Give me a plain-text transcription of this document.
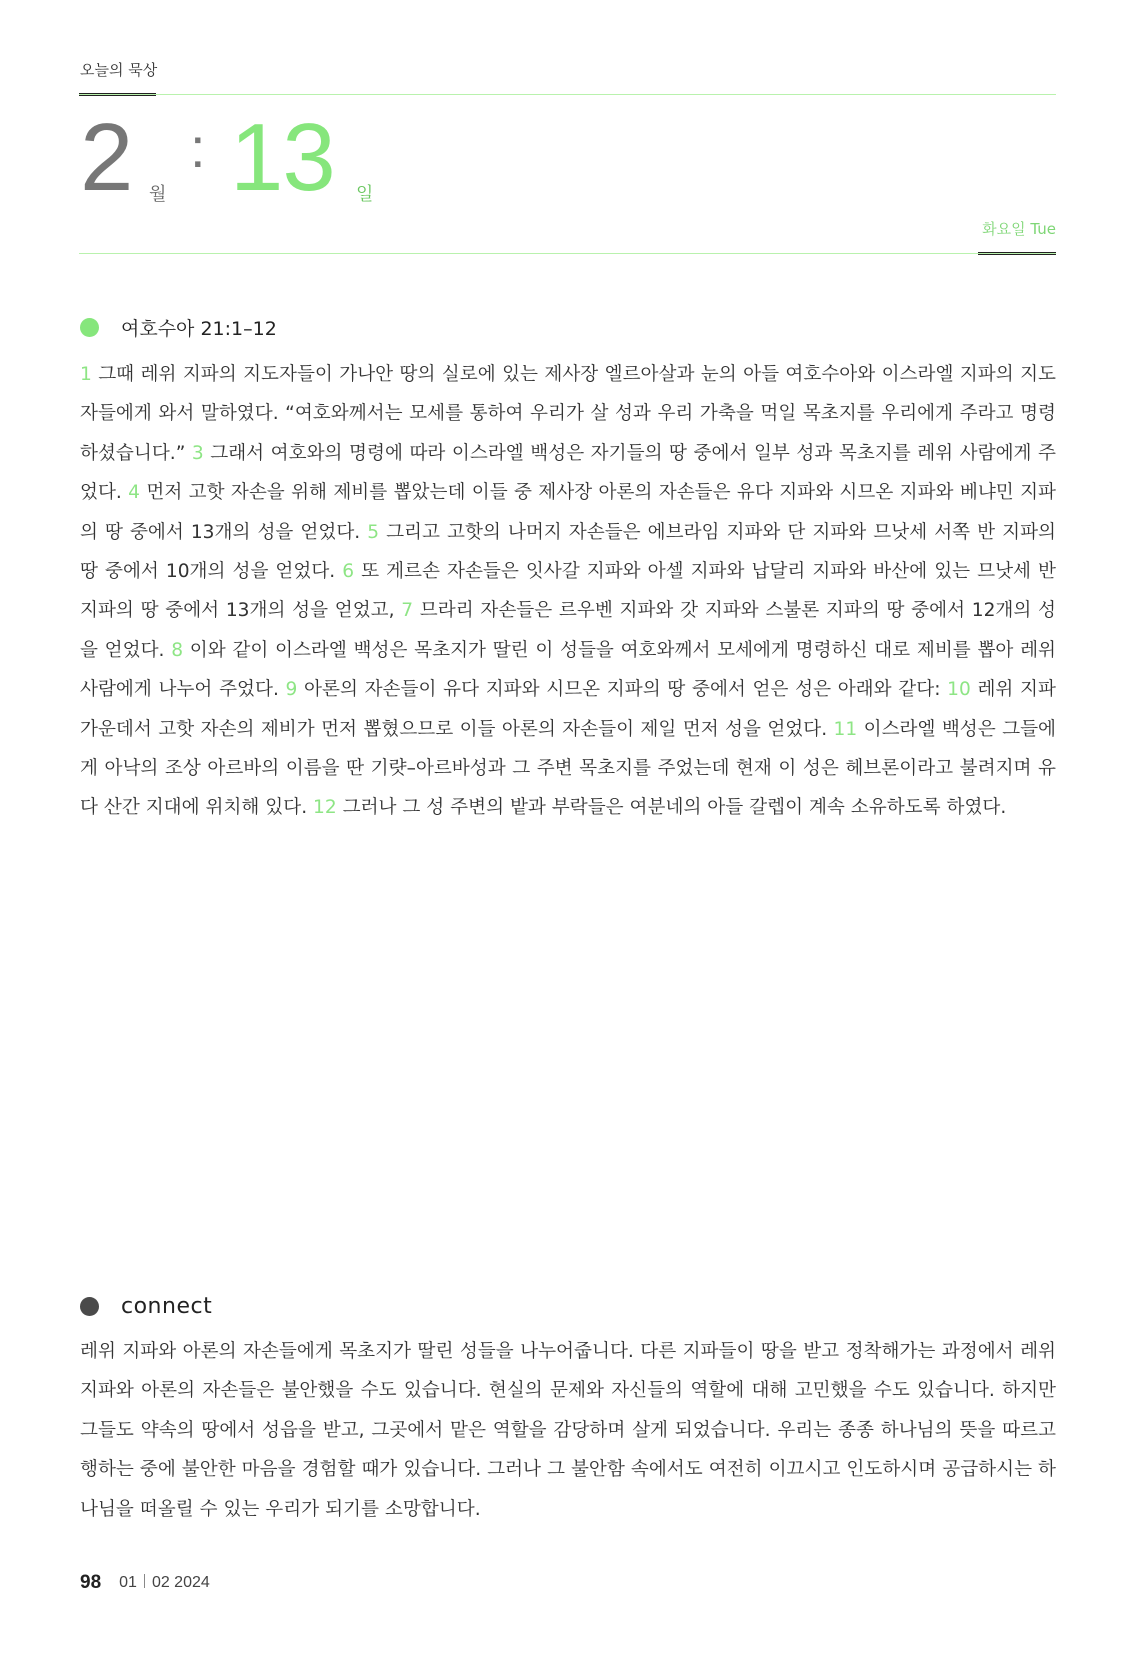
오늘의 묵상
2 월
: 13 일
화요일 Tue
여호수아 21:1–12
1 그때 레위 지파의 지도자들이 가나안 땅의 실로에 있는 제사장 엘르아살과 눈의 아들 여호수아와 이스라엘 지파의 지도자들에게 와서 말하였다. “여호와께서는 모세를 통하여 우리가 살 성과 우리 가축을 먹일 목초지를 우리에게 주라고 명령하셨습니다.” 3 그래서 여호와의 명령에 따라 이스라엘 백성은 자기들의 땅 중에서 일부 성과 목초지를 레위 사람에게 주었다. 4 먼저 고핫 자손을 위해 제비를 뽑았는데 이들 중 제사장 아론의 자손들은 유다 지파와 시므온 지파와 베냐민 지파의 땅 중에서 13개의 성을 얻었다. 5 그리고 고핫의 나머지 자손들은 에브라임 지파와 단 지파와 므낫세 서쪽 반 지파의 땅 중에서 10개의 성을 얻었다. 6 또 게르손 자손들은 잇사갈 지파와 아셀 지파와 납달리 지파와 바산에 있는 므낫세 반 지파의 땅 중에서 13개의 성을 얻었고, 7 므라리 자손들은 르우벤 지파와 갓 지파와 스불론 지파의 땅 중에서 12개의 성을 얻었다. 8 이와 같이 이스라엘 백성은 목초지가 딸린 이 성들을 여호와께서 모세에게 명령하신 대로 제비를 뽑아 레위 사람에게 나누어 주었다. 9 아론의 자손들이 유다 지파와 시므온 지파의 땅 중에서 얻은 성은 아래와 같다: 10 레위 지파 가운데서 고핫 자손의 제비가 먼저 뽑혔으므로 이들 아론의 자손들이 제일 먼저 성을 얻었다. 11 이스라엘 백성은 그들에게 아낙의 조상 아르바의 이름을 딴 기럇–아르바성과 그 주변 목초지를 주었는데 현재 이 성은 헤브론이라고 불려지며 유다 산간 지대에 위치해 있다. 12 그러나 그 성 주변의 밭과 부락들은 여분네의 아들 갈렙이 계속 소유하도록 하였다.
connect
레위 지파와 아론의 자손들에게 목초지가 딸린 성들을 나누어줍니다. 다른 지파들이 땅을 받고 정착해가는 과정에서 레위 지파와 아론의 자손들은 불안했을 수도 있습니다. 현실의 문제와 자신들의 역할에 대해 고민했을 수도 있습니다. 하지만 그들도 약속의 땅에서 성읍을 받고, 그곳에서 맡은 역할을 감당하며 살게 되었습니다. 우리는 종종 하나님의 뜻을 따르고 행하는 중에 불안한 마음을 경험할 때가 있습니다. 그러나 그 불안함 속에서도 여전히 이끄시고 인도하시며 공급하시는 하나님을 떠올릴 수 있는 우리가 되기를 소망합니다.
98 01 02 2024
